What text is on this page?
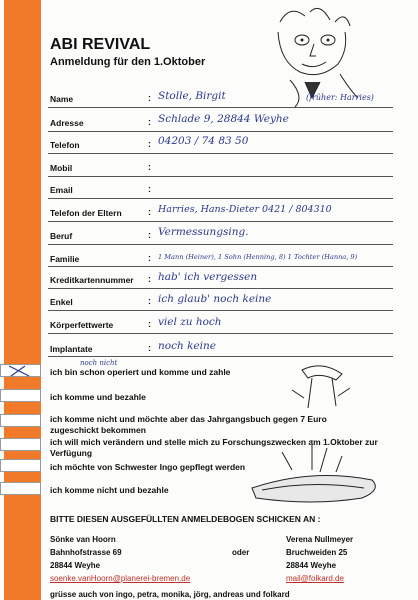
ABI REVIVAL
Anmeldung für den 1.Oktober
Name	: Stolle, Birgit	(früher: Harries)
Adresse	: Schlade 9, 28844 Weyhe
Telefon	: 04203 / 74 83 50
Mobil	:
Email	:
Telefon der Eltern	: Harries, Hans-Dieter 0421 / 804310
Beruf	: Vermessungsing.
Familie	: 1 Mann (Heiner), 1 Sohn (Henning, 8) 1 Tochter (Hanna, 9)
Kreditkartennummer : hab' ich vergessen
Enkel	: ich glaub' noch keine
Körperfettwerte	: viel zu hoch
Implantate	: noch keine
noch nicht
ich bin schon operiert und komme und zahle
ich komme und bezahle
ich komme nicht und möchte aber das Jahrgangsbuch gegen 7 Euro zugeschickt bekommen
ich will mich verändern und stelle mich zu Forschungszwecken am 1.Oktober zur Verfügung
ich möchte von Schwester Ingo gepflegt werden
ich komme nicht und bezahle
BITTE DIESEN AUSGEFÜLLTEN ANMELDEBOGEN SCHICKEN AN :
Sönke van Hoorn
Bahnhofstrasse 69
28844 Weyhe
soenke.vanHoorn@planerei-bremen.de
oder
Verena Nullmeyer
Bruchweiden 25
28844 Weyhe
mail@folkard.de
grüsse auch von ingo, petra, monika, jörg, andreas und folkard
